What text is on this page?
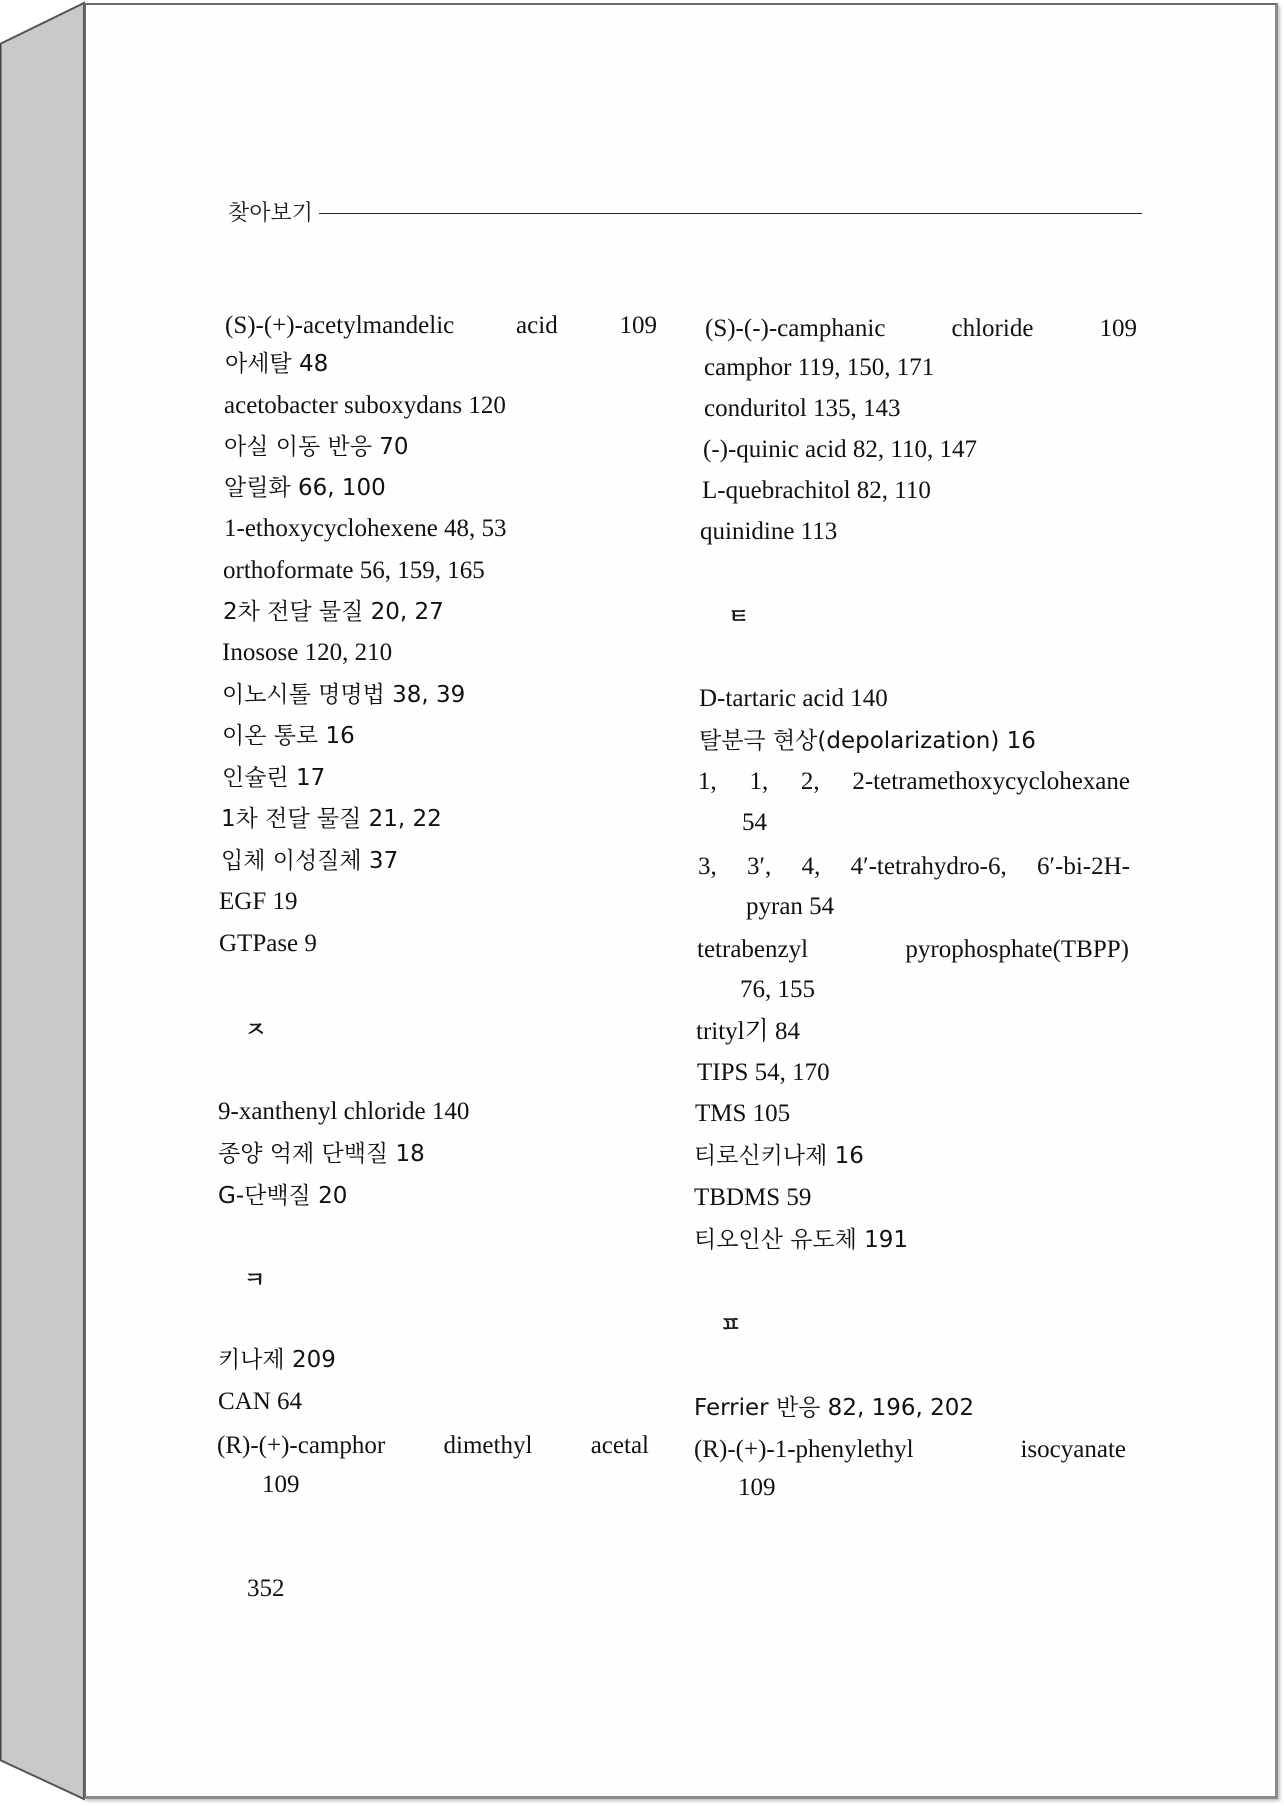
찾아보기
(S)-(+)-acetylmandelic acid 109
아세탈 48
acetobacter suboxydans 120
아실 이동 반응 70
알릴화 66, 100
1-ethoxycyclohexene 48, 53
orthoformate 56, 159, 165
2차 전달 물질 20, 27
Inosose 120, 210
이노시톨 명명법 38, 39
이온 통로 16
인슐린 17
1차 전달 물질 21, 22
입체 이성질체 37
EGF 19
GTPase 9
ㅈ
9-xanthenyl chloride 140
종양 억제 단백질 18
G-단백질 20
ㅋ
키나제 209
CAN 64
(R)-(+)-camphor dimethyl acetal
109
(S)-(-)-camphanic chloride 109
camphor 119, 150, 171
conduritol 135, 143
(-)-quinic acid 82, 110, 147
L-quebrachitol 82, 110
quinidine 113
ㅌ
D-tartaric acid 140
탈분극 현상(depolarization) 16
1, 1, 2, 2-tetramethoxycyclohexane
54
3, 3′, 4, 4′-tetrahydro-6, 6′-bi-2H-
pyran 54
tetrabenzyl pyrophosphate(TBPP)
76, 155
trityl기 84
TIPS 54, 170
TMS 105
티로신키나제 16
TBDMS 59
티오인산 유도체 191
ㅍ
Ferrier 반응 82, 196, 202
(R)-(+)-1-phenylethyl isocyanate
109
352
